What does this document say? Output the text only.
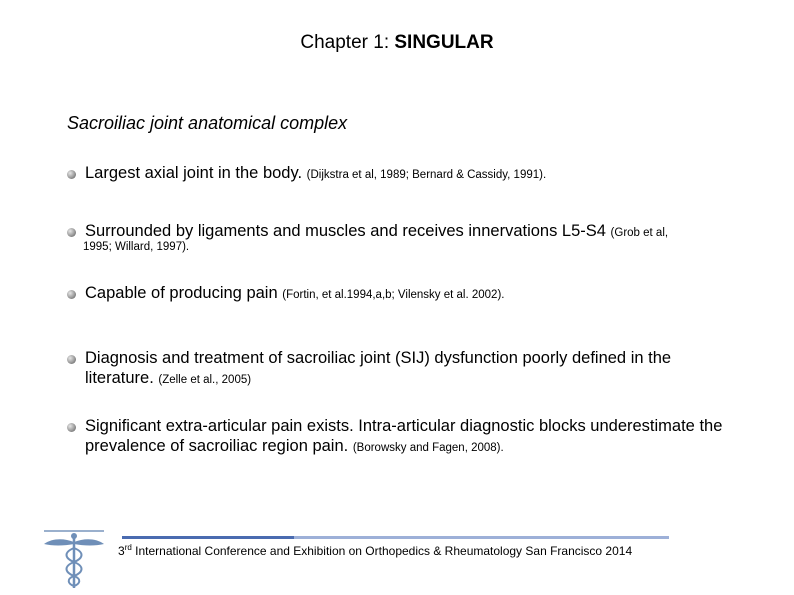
Chapter 1: SINGULAR
Sacroiliac joint anatomical complex
Largest axial joint in the body. (Dijkstra et al, 1989; Bernard & Cassidy, 1991).
Surrounded by ligaments and muscles and receives innervations L5-S4 (Grob et al,
1995; Willard, 1997).
Capable of producing pain (Fortin, et al.1994,a,b; Vilensky et al. 2002).
Diagnosis and treatment of sacroiliac joint (SIJ) dysfunction poorly defined in the literature. (Zelle et al., 2005)
Significant extra-articular pain exists. Intra-articular diagnostic blocks underestimate the prevalence of sacroiliac region pain. (Borowsky and Fagen, 2008).
3rd International Conference and Exhibition on Orthopedics & Rheumatology San Francisco 2014
